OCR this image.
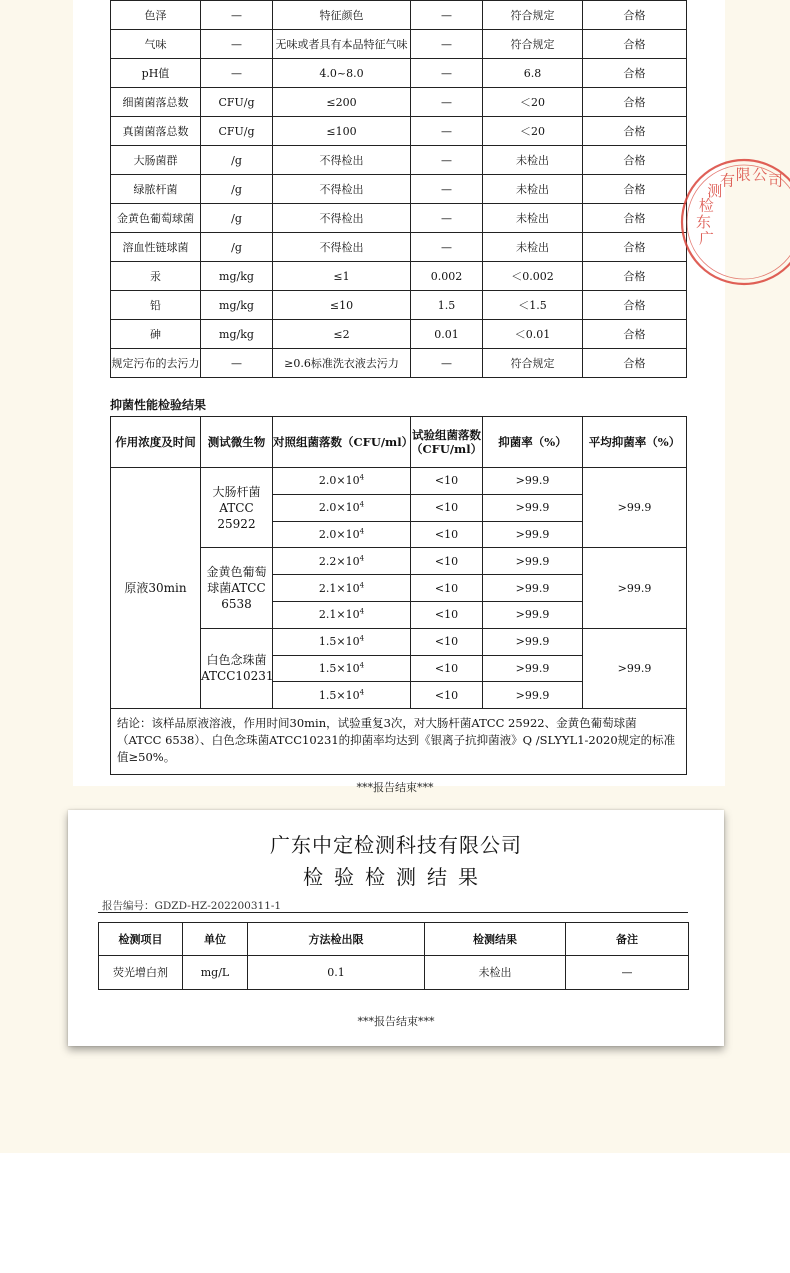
色泽	—	特征颜色	—	符合规定	合格
气味	—	无味或者具有本品特征气味	—	符合规定	合格
pH值	—	4.0~8.0	—	6.8	合格
细菌菌落总数	CFU/g	≤200	—	＜20	合格
真菌菌落总数	CFU/g	≤100	—	＜20	合格
大肠菌群	/g	不得检出	—	未检出	合格
绿脓杆菌	/g	不得检出	—	未检出	合格
金黄色葡萄球菌	/g	不得检出	—	未检出	合格
溶血性链球菌	/g	不得检出	—	未检出	合格
汞	mg/kg	≤1	0.002	＜0.002	合格
铅	mg/kg	≤10	1.5	＜1.5	合格
砷	mg/kg	≤2	0.01	＜0.01	合格
规定污布的去污力	—	≥0.6标准洗衣液去污力	—	符合规定	合格
广东检测有限 公司
抑菌性能检验结果
作用浓度及时间	测试微生物	对照组菌落数（CFU/ml）	试验组菌落数（CFU/ml）	抑菌率（%）	平均抑菌率（%）
原液30min	大肠杆菌ATCC 25922	$2.0\times 10^4$	<10	>99.9	>99.9
		$2.0\times 10^4$	<10	>99.9	
		$2.0\times 10^4$	<10	>99.9	
	金黄色葡萄球菌ATCC 6538	$2.2\times 10^4$	<10	>99.9	>99.9
		$2.1\times 10^4$	<10	>99.9	
		$2.1\times 10^4$	<10	>99.9	
	白色念珠菌ATCC10231	$1.5\times 10^4$	<10	>99.9	>99.9
		$1.5\times 10^4$	<10	>99.9	
		$1.5\times 10^4$	<10	>99.9	
结论：该样品原液溶液，作用时间30min，试验重复3次，对大肠杆菌ATCC 25922、金黄色葡萄球菌（ATCC 6538）、白色念珠菌ATCC10231的抑菌率均达到《银离子抗抑菌液》Q /SLYYL1-2020规定的标准值≥50%。					
***报告结束***
广东中定检测科技有限公司
检验检测结果
报告编号：GDZD-HZ-202200311-1
检测项目	单位	方法检出限	检测结果	备注
荧光增白剂	mg/L	0.1	未检出	—
***报告结束***
